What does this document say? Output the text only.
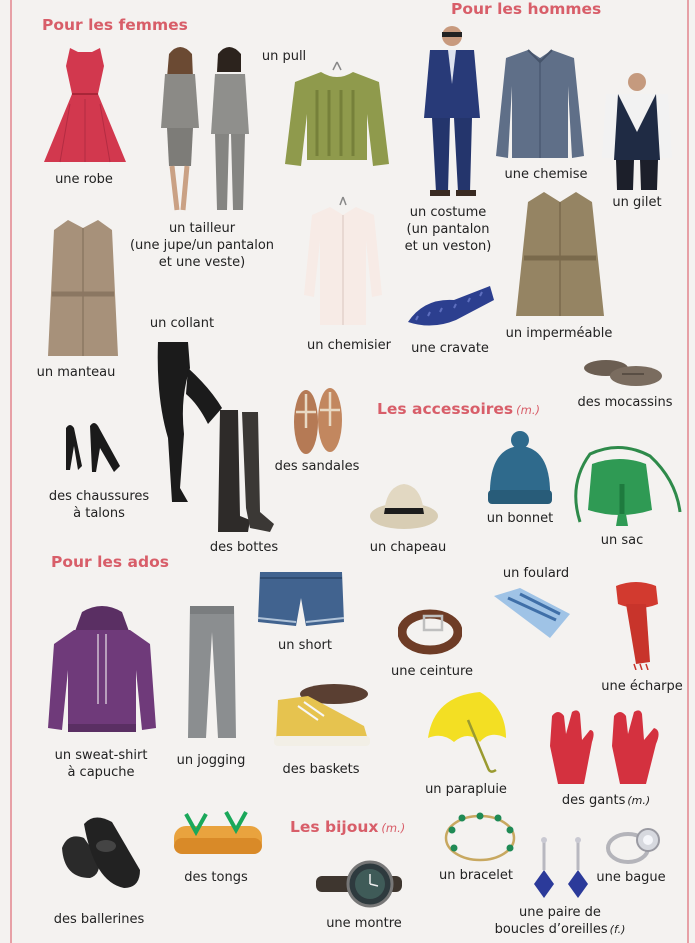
Pour les femmes
Pour les hommes
Les accessoires (m.)
Pour les ados
Les bijoux (m.)
une robe
un tailleur
(une jupe/un pantalon
et une veste)
un pull
un costume
(un pantalon
et un veston)
une chemise
un gilet
un manteau
un collant
un chemisier une cravate
un imperméable
des mocassins
des chaussures
à talons
des sandales
des bottes
un bonnet
un sac
un chapeau
un foulard
un sweat-shirt
à capuche
un jogging
un short
une ceinture
une écharpe
des baskets
un parapluie
des gants (m.)
des ballerines
des tongs
une montre
un bracelet	une bague
une paire de
boucles d’oreilles (f.)
